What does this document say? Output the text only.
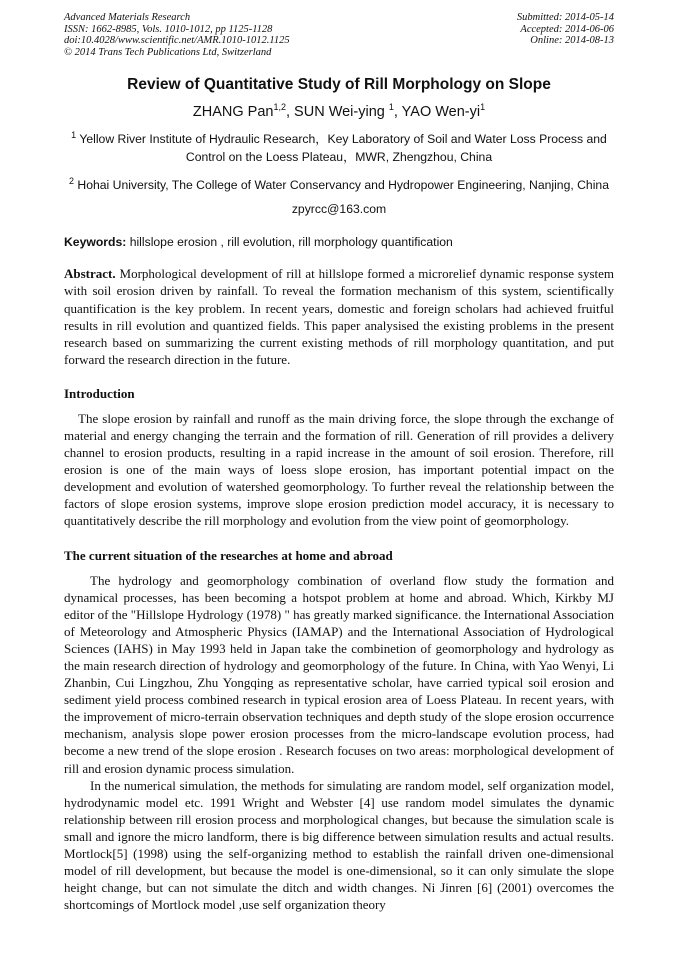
Advanced Materials Research
ISSN: 1662-8985, Vols. 1010-1012, pp 1125-1128
doi:10.4028/www.scientific.net/AMR.1010-1012.1125
© 2014 Trans Tech Publications Ltd, Switzerland
Submitted: 2014-05-14
Accepted: 2014-06-06
Online: 2014-08-13
Review of Quantitative Study of Rill Morphology on Slope
ZHANG Pan$^{1,2}$, SUN Wei-ying $^1$, YAO Wen-$yi^1$
$^1$ Yellow River Institute of Hydraulic Research，Key Laboratory of Soil and Water Loss Process and Control on the Loess Plateau，MWR, Zhengzhou, China
$^2$ Hohai University, The College of Water Conservancy and Hydropower Engineering, Nanjing, China
zpyrcc@163.com
Keywords: hillslope erosion , rill evolution, rill morphology quantification
Abstract. Morphological development of rill at hillslope formed a microrelief dynamic response system with soil erosion driven by rainfall. To reveal the formation mechanism of this system, scientifically quantification is the key problem. In recent years, domestic and foreign scholars had achieved fruitful results in rill evolution and quantized fields. This paper analysised the existing problems in the present research based on summarizing the current existing methods of rill morphology quantitation, and put forward the research direction in the future.
Introduction
The slope erosion by rainfall and runoff as the main driving force, the slope through the exchange of material and energy changing the terrain and the formation of rill. Generation of rill provides a delivery channel to erosion products, resulting in a rapid increase in the amount of soil erosion. Therefore, rill erosion is one of the main ways of loess slope erosion, has important potential impact on the development and evolution of watershed geomorphology. To further reveal the relationship between the factors of slope erosion systems, improve slope erosion prediction model accuracy, it is necessary to quantitatively describe the rill morphology and evolution from the view point of geomorphology.
The current situation of the researches at home and abroad
The hydrology and geomorphology combination of overland flow study the formation and dynamical processes, has been becoming a hotspot problem at home and abroad. Which, Kirkby MJ editor of the "Hillslope Hydrology (1978) " has greatly marked significance. the International Association of Meteorology and Atmospheric Physics (IAMAP) and the International Association of Hydrological Sciences (IAHS) in May 1993 held in Japan take the combinetion of geomorphology and hydrology as the main research direction of hydrology and geomorphology of the future. In China, with Yao Wenyi, Li Zhanbin, Cui Lingzhou, Zhu Yongqing as representative scholar, have carried typical soil erosion and sediment yield process combined research in typical erosion area of Loess Plateau. In recent years, with the improvement of micro-terrain observation techniques and depth study of the slope erosion occurrence mechanism, analysis slope power erosion processes from the micro-landscape evolution process, had become a new trend of the slope erosion . Research focuses on two areas: morphological development of rill and erosion dynamic process simulation.
In the numerical simulation, the methods for simulating are random model, self organization model, hydrodynamic model etc. 1991 Wright and Webster [4] use random model simulates the dynamic relationship between rill erosion process and morphological changes, but because the simulation scale is small and ignore the micro landform, there is big difference between simulation results and actual results. Mortlock[5] (1998) using the self-organizing method to establish the rainfall driven one-dimensional model of rill development, but because the model is one-dimensional, so it can only simulate the slope height change, but can not simulate the ditch and width changes. Ni Jinren [6] (2001) overcomes the shortcomings of Mortlock model ,use self organization theory
